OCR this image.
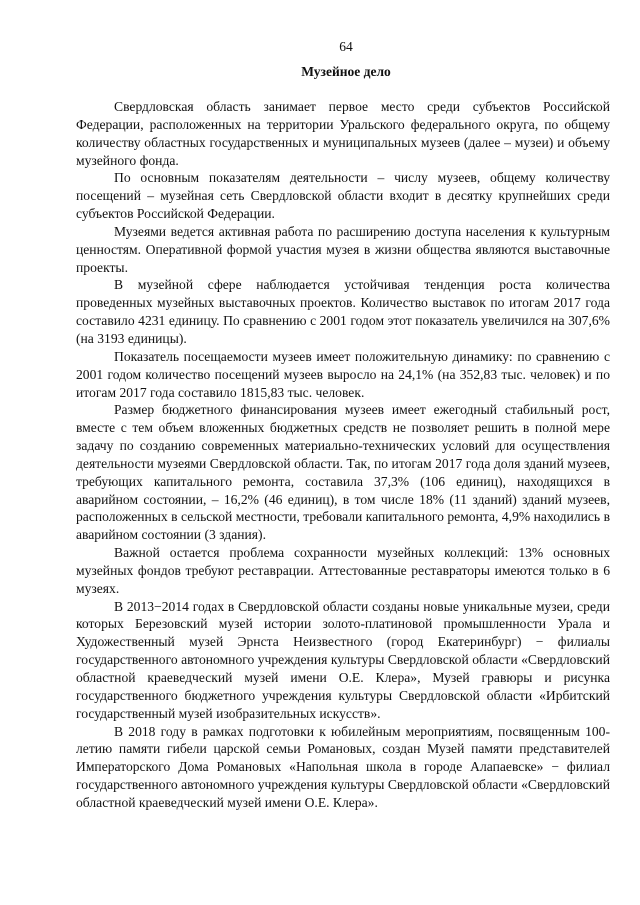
64
Музейное дело

Свердловская область занимает первое место среди субъектов Российской Федерации, расположенных на территории Уральского федерального округа, по общему количеству областных государственных и муниципальных музеев (далее – музеи) и объему музейного фонда.

По основным показателям деятельности – числу музеев, общему количеству посещений – музейная сеть Свердловской области входит в десятку крупнейших среди субъектов Российской Федерации.

Музеями ведется активная работа по расширению доступа населения к культурным ценностям. Оперативной формой участия музея в жизни общества являются выставочные проекты.

В музейной сфере наблюдается устойчивая тенденция роста количества проведенных музейных выставочных проектов. Количество выставок по итогам 2017 года составило 4231 единицу. По сравнению с 2001 годом этот показатель увеличился на 307,6% (на 3193 единицы).

Показатель посещаемости музеев имеет положительную динамику: по сравнению с 2001 годом количество посещений музеев выросло на 24,1% (на 352,83 тыс. человек) и по итогам 2017 года составило 1815,83 тыс. человек.

Размер бюджетного финансирования музеев имеет ежегодный стабильный рост, вместе с тем объем вложенных бюджетных средств не позволяет решить в полной мере задачу по созданию современных материально-технических условий для осуществления деятельности музеями Свердловской области. Так, по итогам 2017 года доля зданий музеев, требующих капитального ремонта, составила 37,3% (106 единиц), находящихся в аварийном состоянии, – 16,2% (46 единиц), в том числе 18% (11 зданий) зданий музеев, расположенных в сельской местности, требовали капитального ремонта, 4,9% находились в аварийном состоянии (3 здания).

Важной остается проблема сохранности музейных коллекций: 13% основных музейных фондов требуют реставрации. Аттестованные реставраторы имеются только в 6 музеях.

В 2013−2014 годах в Свердловской области созданы новые уникальные музеи, среди которых Березовский музей истории золото-платиновой промышленности Урала и Художественный музей Эрнста Неизвестного (город Екатеринбург) − филиалы государственного автономного учреждения культуры Свердловской области «Свердловский областной краеведческий музей имени О.Е. Клера», Музей гравюры и рисунка государственного бюджетного учреждения культуры Свердловской области «Ирбитский государственный музей изобразительных искусств».

В 2018 году в рамках подготовки к юбилейным мероприятиям, посвященным 100-летию памяти гибели царской семьи Романовых, создан Музей памяти представителей Императорского Дома Романовых «Напольная школа в городе Алапаевске» − филиал государственного автономного учреждения культуры Свердловской области «Свердловский областной краеведческий музей имени О.Е. Клера».
